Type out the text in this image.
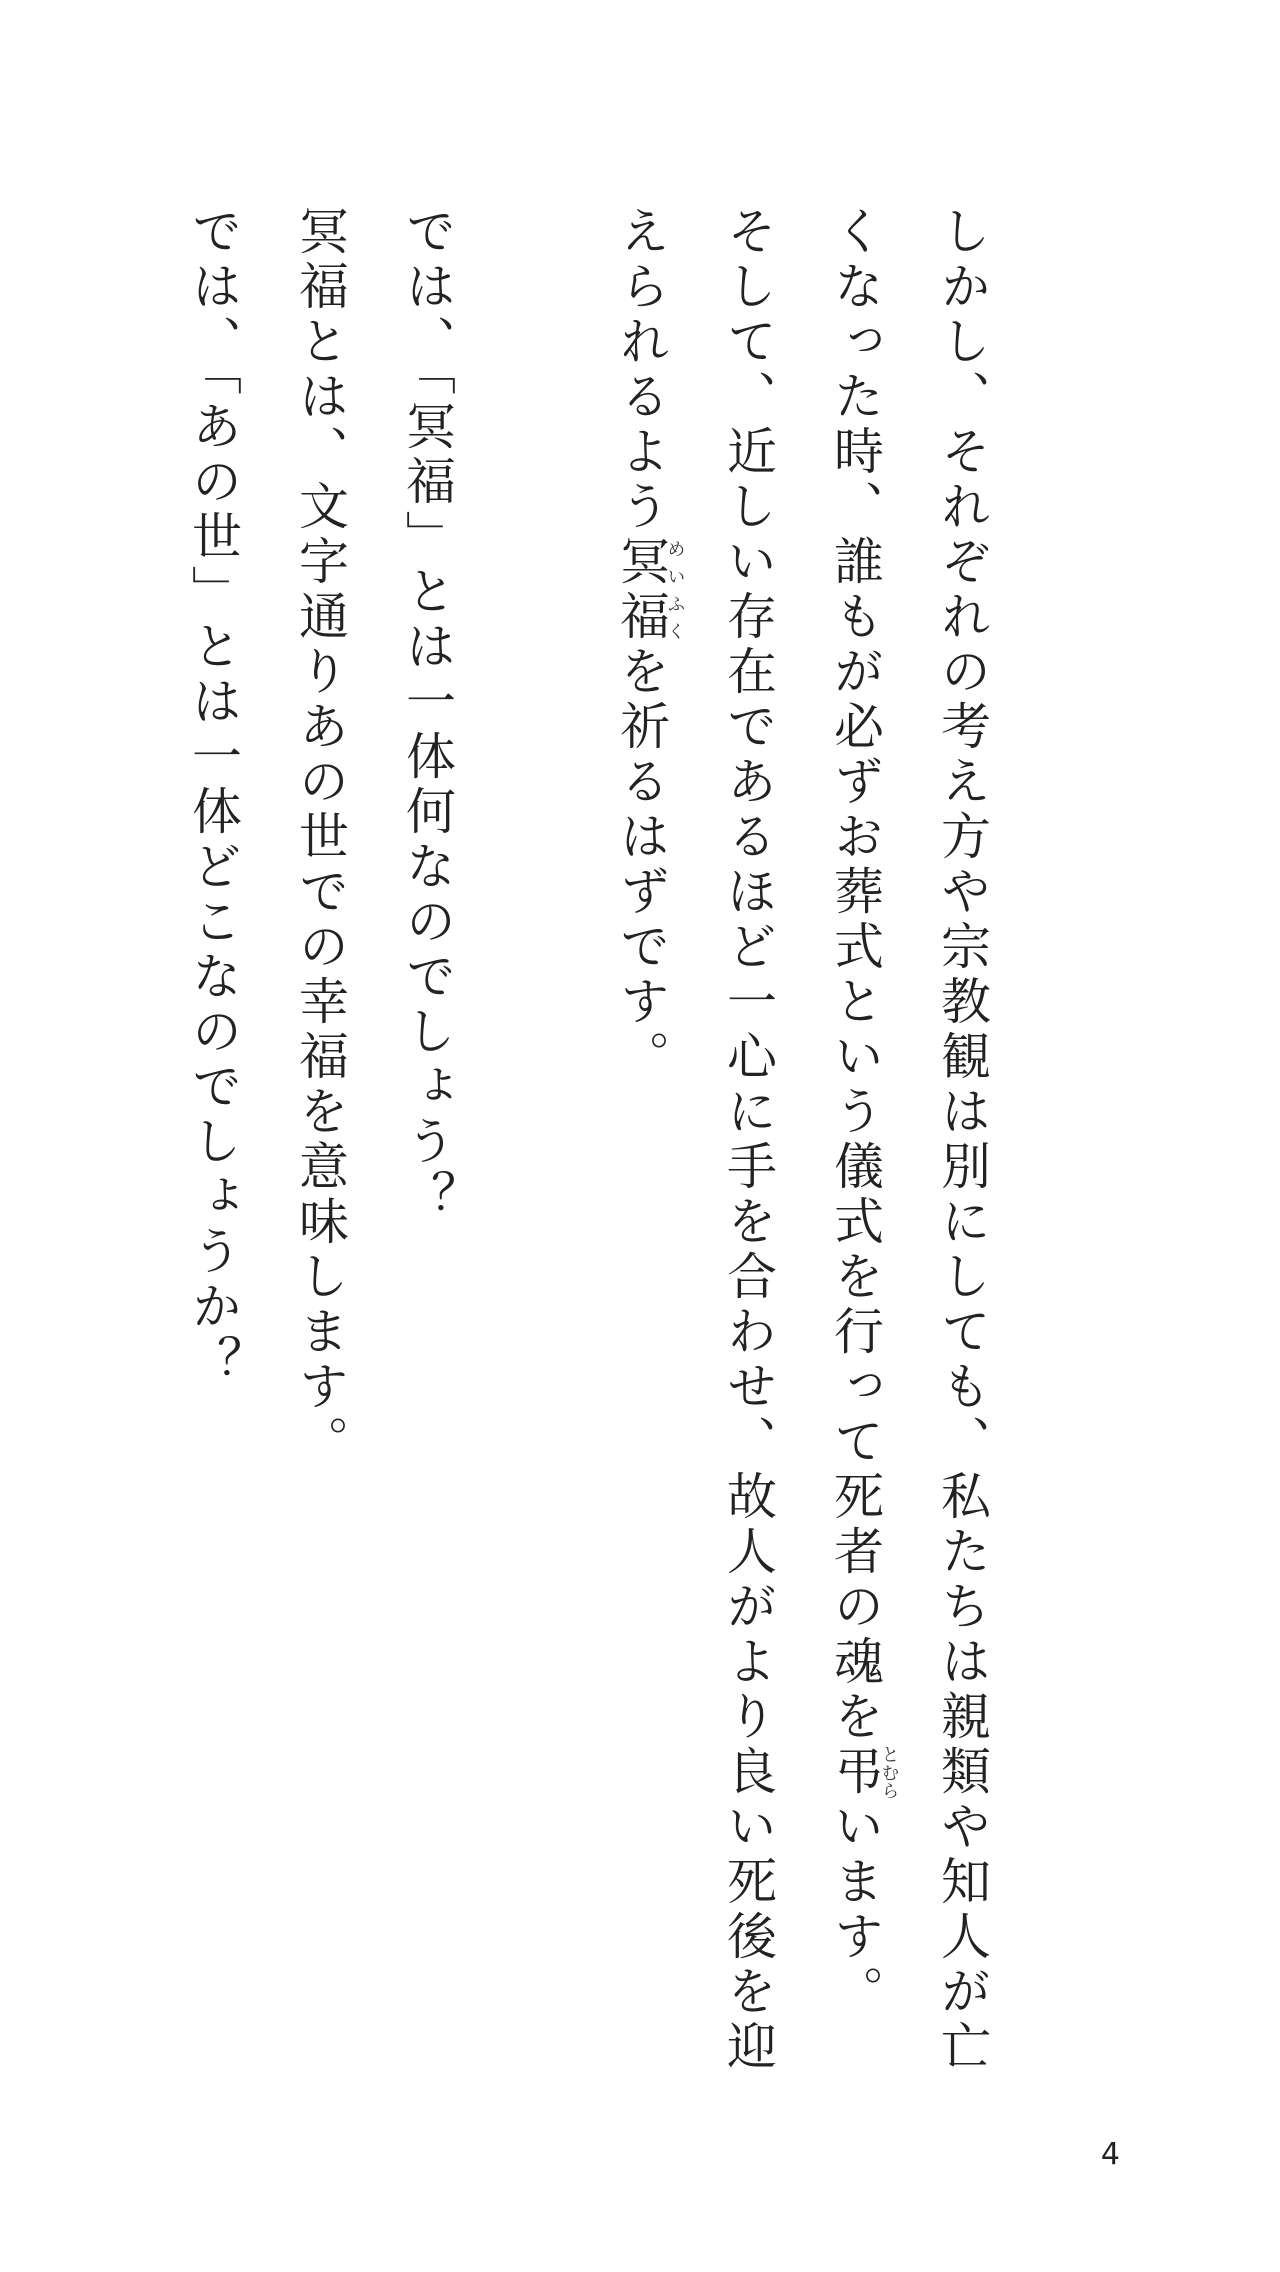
しかし、それぞれの考え方や宗教観は別にしても、私たちは親類や知人が亡くなった時、誰もが必ずお葬式という儀式を行って死者の魂を弔とむらいます。

そして、近しい存在であるほど一心に手を合わせ、故人がより良い死後を迎えられるよう冥福めいふくを祈るはずです。

では、「冥福」とは一体何なのでしょう？

冥福とは、文字通りあの世での幸福を意味します。

では、「あの世」とは一体どこなのでしょうか？

4
